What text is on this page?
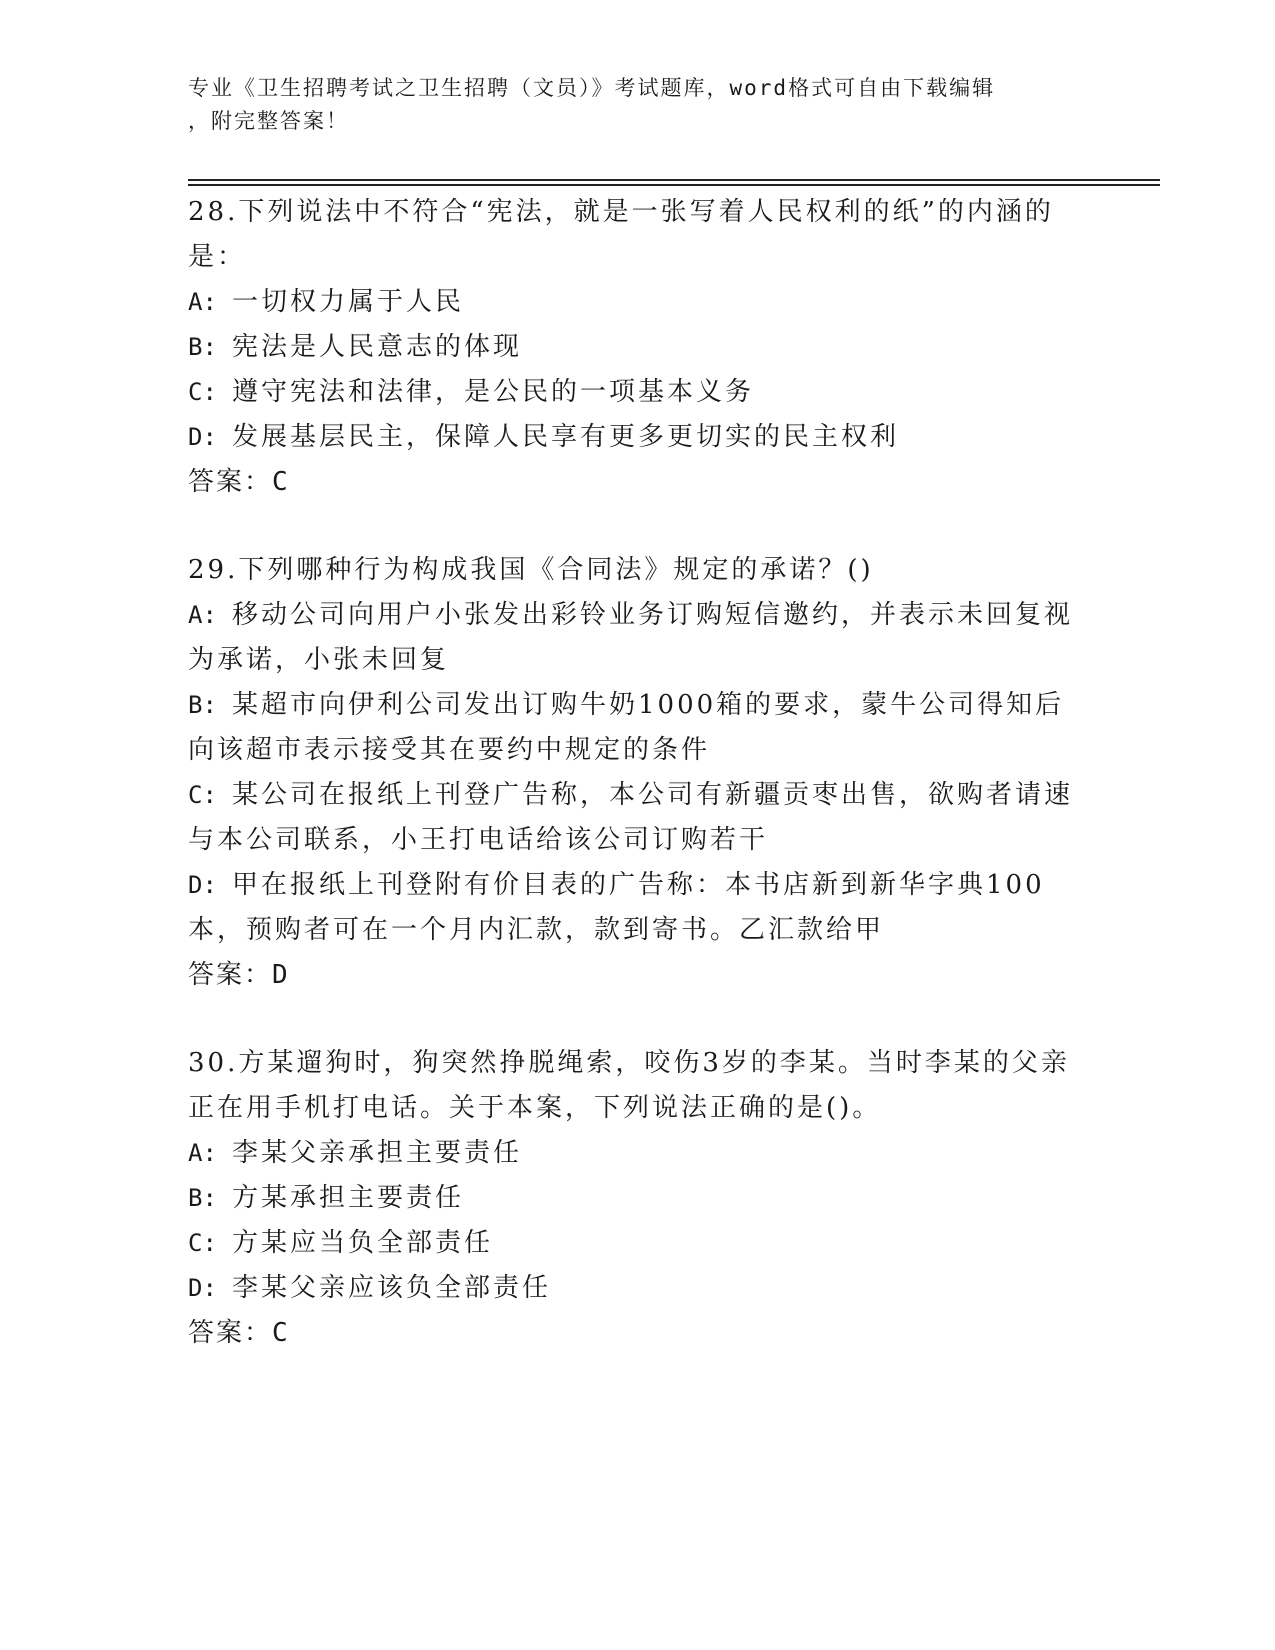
专业《卫生招聘考试之卫生招聘（文员）》考试题库，word格式可自由下载编辑
，附完整答案！
28.下列说法中不符合“宪法，就是一张写着人民权利的纸”的内涵的是：
A: 一切权力属于人民
B: 宪法是人民意志的体现
C: 遵守宪法和法律，是公民的一项基本义务
D: 发展基层民主，保障人民享有更多更切实的民主权利
答案：C
29.下列哪种行为构成我国《合同法》规定的承诺？()
A: 移动公司向用户小张发出彩铃业务订购短信邀约，并表示未回复视为承诺，小张未回复
B: 某超市向伊利公司发出订购牛奶1000箱的要求，蒙牛公司得知后向该超市表示接受其在要约中规定的条件
C: 某公司在报纸上刊登广告称，本公司有新疆贡枣出售，欲购者请速与本公司联系，小王打电话给该公司订购若干
D: 甲在报纸上刊登附有价目表的广告称：本书店新到新华字典100本，预购者可在一个月内汇款，款到寄书。乙汇款给甲
答案：D
30.方某遛狗时，狗突然挣脱绳索，咬伤3岁的李某。当时李某的父亲正在用手机打电话。关于本案，下列说法正确的是()。
A: 李某父亲承担主要责任
B: 方某承担主要责任
C: 方某应当负全部责任
D: 李某父亲应该负全部责任
答案：C
